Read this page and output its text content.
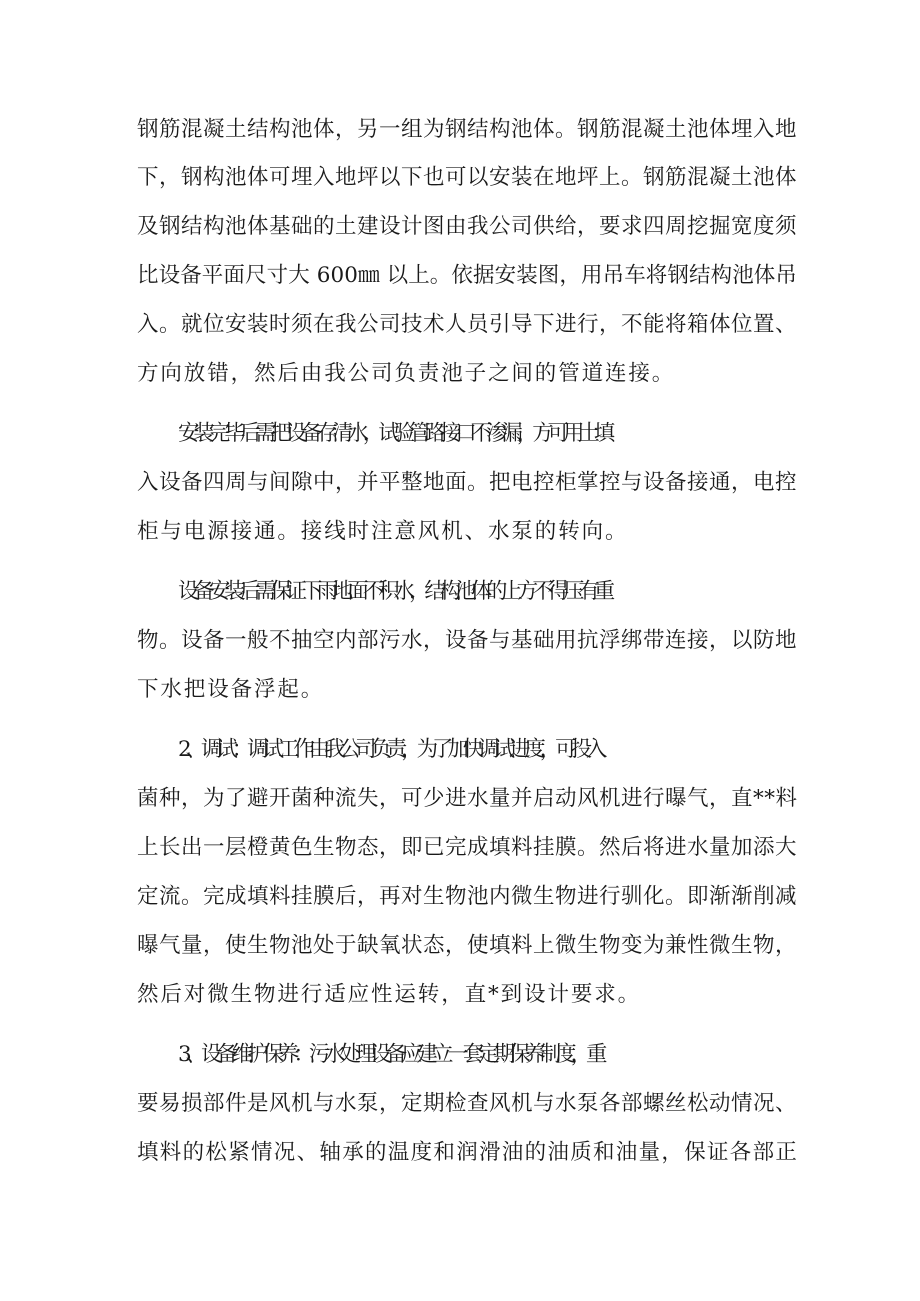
钢筋混凝土结构池体，另一组为钢结构池体。钢筋混凝土池体埋入地
下，钢构池体可埋入地坪以下也可以安装在地坪上。钢筋混凝土池体
及钢结构池体基础的土建设计图由我公司供给，要求四周挖掘宽度须
比设备平面尺寸大 600㎜ 以上。依据安装图，用吊车将钢结构池体吊
入。就位安装时须在我公司技术人员引导下进行，不能将箱体位置、
方向放错，然后由我公司负责池子之间的管道连接。
安装完毕后需把设备存清水，试验管路接口不渗漏，方可用土填
入设备四周与间隙中，并平整地面。把电控柜掌控与设备接通，电控
柜与电源接通。接线时注意风机、水泵的转向。
设备安装后需保证下雨地面不积水，结构池体的上方不得压有重
物。设备一般不抽空内部污水，设备与基础用抗浮绑带连接，以防地
下水把设备浮起。
2、调试：调试工作由我公司负责，为了加快调试进度，可投入
菌种，为了避开菌种流失，可少进水量并启动风机进行曝气，直**料
上长出一层橙黄色生物态，即已完成填料挂膜。然后将进水量加添大
定流。完成填料挂膜后，再对生物池内微生物进行驯化。即渐渐削减
曝气量，使生物池处于缺氧状态，使填料上微生物变为兼性微生物，
然后对微生物进行适应性运转，直*到设计要求。
3、设备维护保养：污水处理设备应建立一套定期保养制度，重
要易损部件是风机与水泵，定期检查风机与水泵各部螺丝松动情况、
填料的松紧情况、轴承的温度和润滑油的油质和油量，保证各部正
